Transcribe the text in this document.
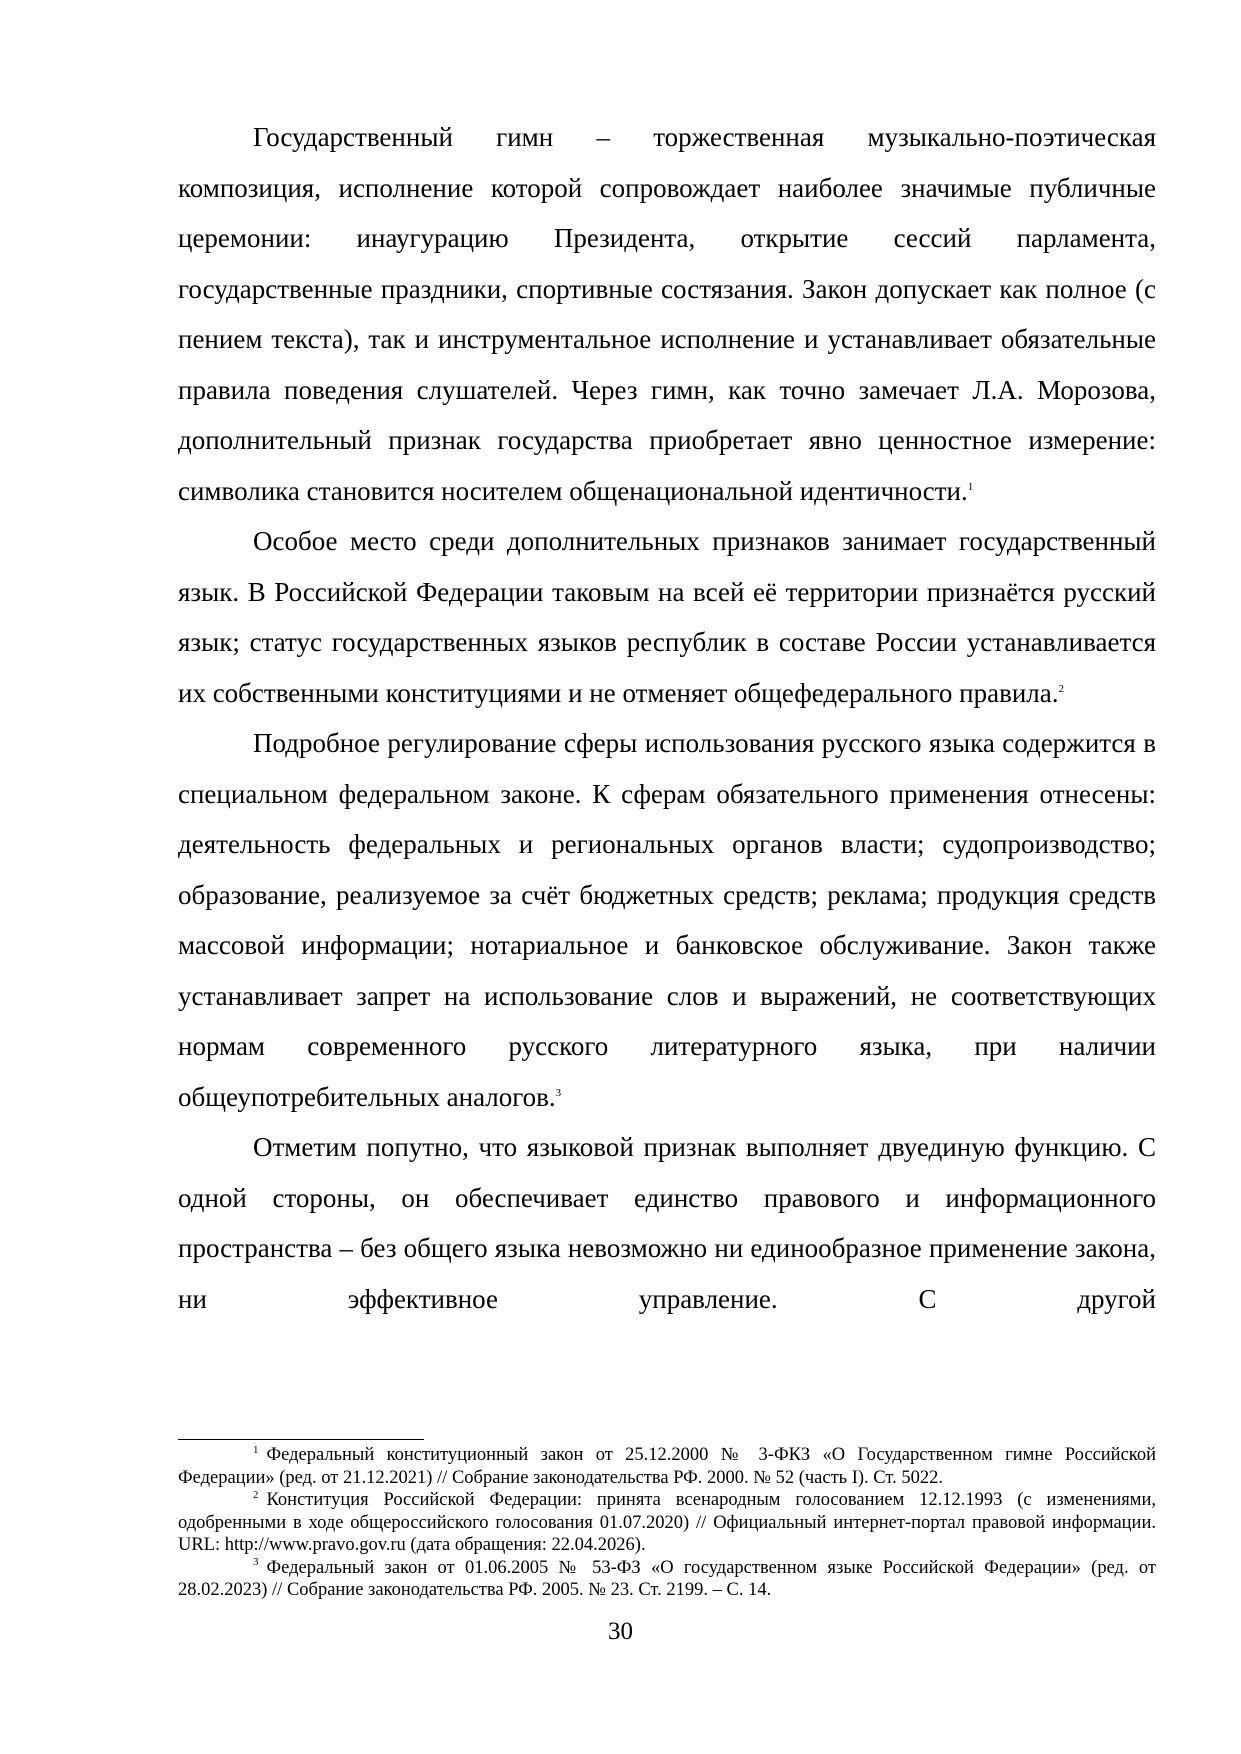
Государственный гимн – торжественная музыкально-поэтическая композиция, исполнение которой сопровождает наиболее значимые публичные церемонии: инаугурацию Президента, открытие сессий парламента, государственные праздники, спортивные состязания. Закон допускает как полное (с пением текста), так и инструментальное исполнение и устанавливает обязательные правила поведения слушателей. Через гимн, как точно замечает Л.А. Морозова, дополнительный признак государства приобретает явно ценностное измерение: символика становится носителем общенациональной идентичности.$^1$

Особое место среди дополнительных признаков занимает государственный язык. В Российской Федерации таковым на всей её территории признаётся русский язык; статус государственных языков республик в составе России устанавливается их собственными конституциями и не отменяет общефедерального правила.$^2$

Подробное регулирование сферы использования русского языка содержится в специальном федеральном законе. К сферам обязательного применения отнесены: деятельность федеральных и региональных органов власти; судопроизводство; образование, реализуемое за счёт бюджетных средств; реклама; продукция средств массовой информации; нотариальное и банковское обслуживание. Закон также устанавливает запрет на использование слов и выражений, не соответствующих нормам современного русского литературного языка, при наличии общеупотребительных аналогов.$^3$

Отметим попутно, что языковой признак выполняет двуединую функцию. С одной стороны, он обеспечивает единство правового и информационного пространства – без общего языка невозможно ни единообразное применение закона, ни эффективное управление. С другой

$^1$ Федеральный конституционный закон от 25.12.2000 № 3-ФКЗ «О Государственном гимне Российской Федерации» (ред. от 21.12.2021) // Собрание законодательства РФ. 2000. № 52 (часть I). Ст. 5022.

$^2$ Конституция Российской Федерации: принята всенародным голосованием 12.12.1993 (с изменениями, одобренными в ходе общероссийского голосования 01.07.2020) // Официальный интернет-портал правовой информации. URL: http://www.pravo.gov.ru (дата обращения: 22.04.2026).

$^3$ Федеральный закон от 01.06.2005 № 53-ФЗ «О государственном языке Российской Федерации» (ред. от 28.02.2023) // Собрание законодательства РФ. 2005. № 23. Ст. 2199. – С. 14.

30
